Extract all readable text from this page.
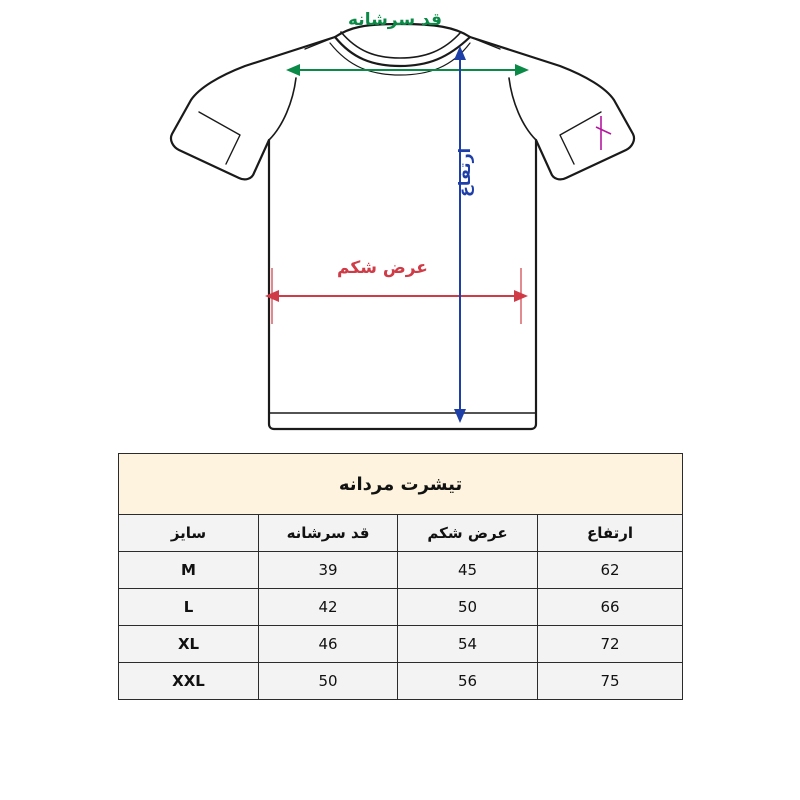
قد سرشانه
عرض شکم
ارتفاع
تیشرت مردانه			
ارتفاع	عرض شکم	قد سرشانه	سایز
62	45	39	M
66	50	42	L
72	54	46	XL
75	56	50	XXL
